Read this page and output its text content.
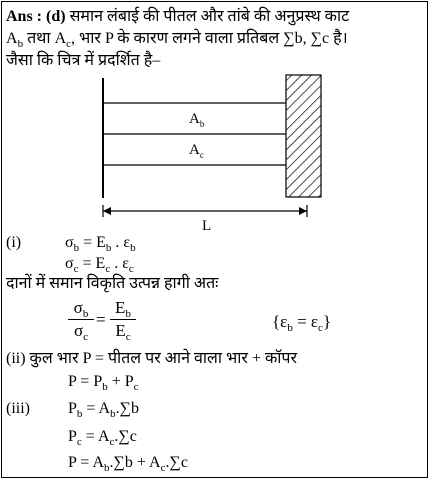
Ans : (d) समान लंबाई की पीतल और तांबे की अनुप्रस्थ काट
$A_b$ तथा $A_c$, भार P के कारण लगने वाला प्रतिबल ∑b, ∑c है।
जैसा कि चित्र में प्रदर्शित है–
$A_b$
$A_c$
L
(i)	$\sigma_b = E_b$ . $\varepsilon_b$
$\sigma_c = E_c$ . $\varepsilon_c$
दानों में समान विकृति उत्पन्न हागी अतः
$\sigma_b$
$\sigma_c$
=
$E_b$
$E_c$
$\{\varepsilon_b = \varepsilon_c\}$
(ii) कुल भार P = पीतल पर आने वाला भार + कॉपर
$P = P_b + P_c$
(iii) $P_b = A_b.\sum b$
$P_c = A_c.\sum c$
$P = A_b.\sum b + A_c.\sum c$
